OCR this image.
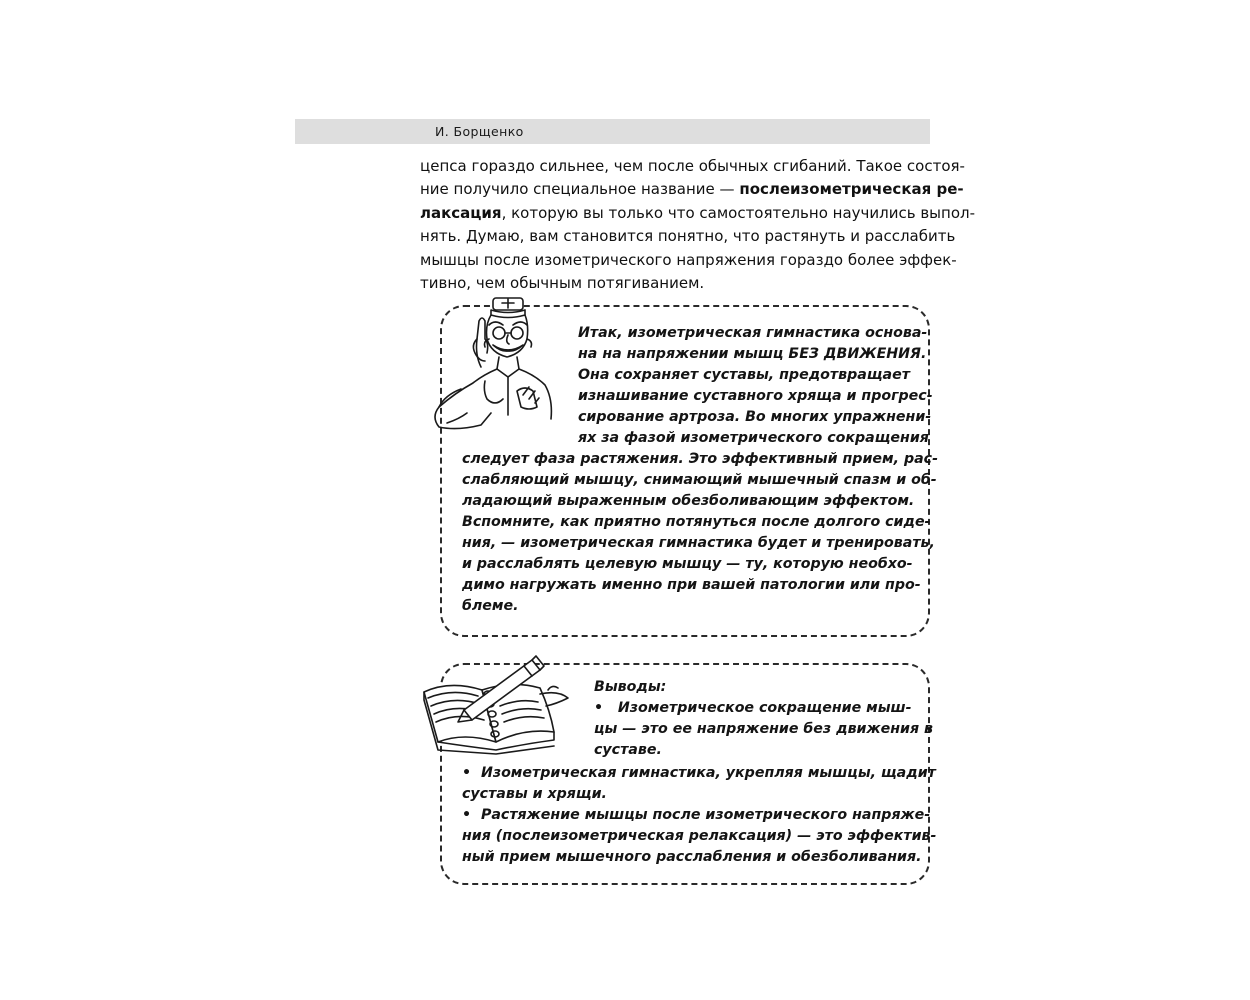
И. Борщенко
цепса гораздо сильнее, чем после обычных сгибаний. Такое состоя-
ние получило специальное название — послеизометрическая ре-
лаксация, которую вы только что самостоятельно научились выпол-
нять. Думаю, вам становится понятно, что растянуть и расслабить
мышцы после изометрического напряжения гораздо более эффек-
тивно, чем обычным потягиванием.
Итак, изометрическая гимнастика основа-
на на напряжении мышц БЕЗ ДВИЖЕНИЯ.
Она сохраняет суставы, предотвращает
изнашивание суставного хряща и прогрес-
сирование артроза. Во многих упражнени-
ях за фазой изометрического сокращения
следует фаза растяжения. Это эффективный прием, рас-
слабляющий мышцу, снимающий мышечный спазм и об-
ладающий выраженным обезболивающим эффектом.
Вспомните, как приятно потянуться после долгого сиде-
ния, — изометрическая гимнастика будет и тренировать,
и расслаблять целевую мышцу — ту, которую необхо-
димо нагружать именно при вашей патологии или про-
блеме.
Выводы:
•   Изометрическое сокращение мыш-
цы — это ее напряжение без движения в
суставе.
•  Изометрическая гимнастика, укрепляя мышцы, щадит
суставы и хрящи.
•  Растяжение мышцы после изометрического напряже-
ния (послеизометрическая релаксация) — это эффектив-
ный прием мышечного расслабления и обезболивания.
